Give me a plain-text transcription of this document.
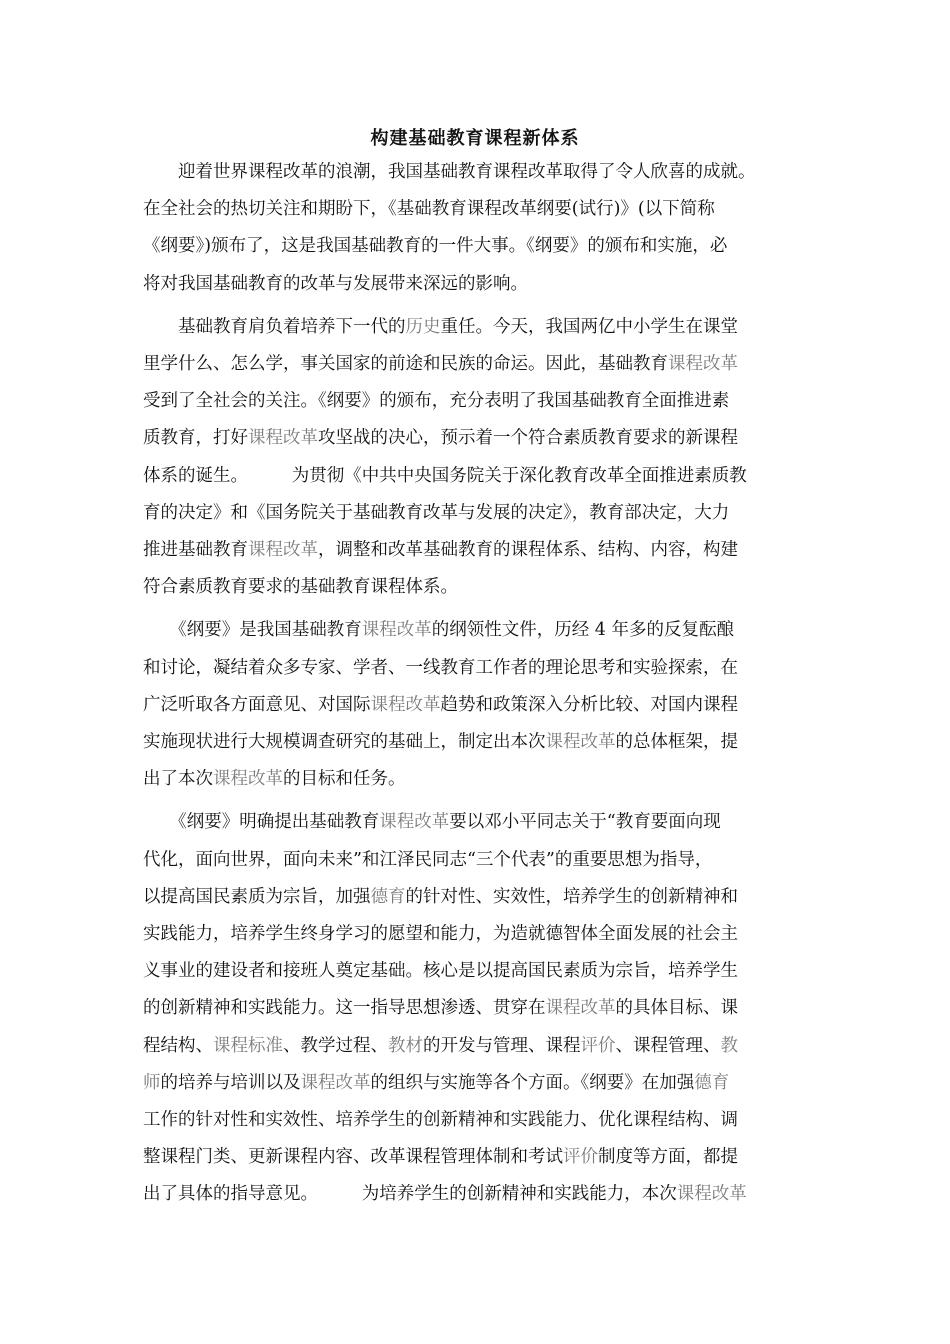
构建基础教育课程新体系
　　迎着世界课程改革的浪潮，我国基础教育课程改革取得了令人欣喜的成就。
在全社会的热切关注和期盼下，《基础教育课程改革纲要(试行)》(以下简称
《纲要》)颁布了，这是我国基础教育的一件大事。《纲要》的颁布和实施，必
将对我国基础教育的改革与发展带来深远的影响。
　　基础教育肩负着培养下一代的历史重任。今天，我国两亿中小学生在课堂
里学什么、怎么学，事关国家的前途和民族的命运。因此，基础教育课程改革
受到了全社会的关注。《纲要》的颁布，充分表明了我国基础教育全面推进素
质教育，打好课程改革攻坚战的决心，预示着一个符合素质教育要求的新课程
体系的诞生。　　　为贯彻《中共中央国务院关于深化教育改革全面推进素质教
育的决定》和《国务院关于基础教育改革与发展的决定》，教育部决定，大力
推进基础教育课程改革，调整和改革基础教育的课程体系、结构、内容，构建
符合素质教育要求的基础教育课程体系。
　　《纲要》是我国基础教育课程改革的纲领性文件，历经 4 年多的反复酝酿
和讨论，凝结着众多专家、学者、一线教育工作者的理论思考和实验探索，在
广泛听取各方面意见、对国际课程改革趋势和政策深入分析比较、对国内课程
实施现状进行大规模调查研究的基础上，制定出本次课程改革的总体框架，提
出了本次课程改革的目标和任务。
　　《纲要》明确提出基础教育课程改革要以邓小平同志关于“教育要面向现
代化，面向世界，面向未来”和江泽民同志“三个代表”的重要思想为指导，
以提高国民素质为宗旨，加强德育的针对性、实效性，培养学生的创新精神和
实践能力，培养学生终身学习的愿望和能力，为造就德智体全面发展的社会主
义事业的建设者和接班人奠定基础。核心是以提高国民素质为宗旨，培养学生
的创新精神和实践能力。这一指导思想渗透、贯穿在课程改革的具体目标、课
程结构、课程标准、教学过程、教材的开发与管理、课程评价、课程管理、教
师的培养与培训以及课程改革的组织与实施等各个方面。《纲要》在加强德育
工作的针对性和实效性、培养学生的创新精神和实践能力、优化课程结构、调
整课程门类、更新课程内容、改革课程管理体制和考试评价制度等方面，都提
出了具体的指导意见。　　　为培养学生的创新精神和实践能力，本次课程改革
